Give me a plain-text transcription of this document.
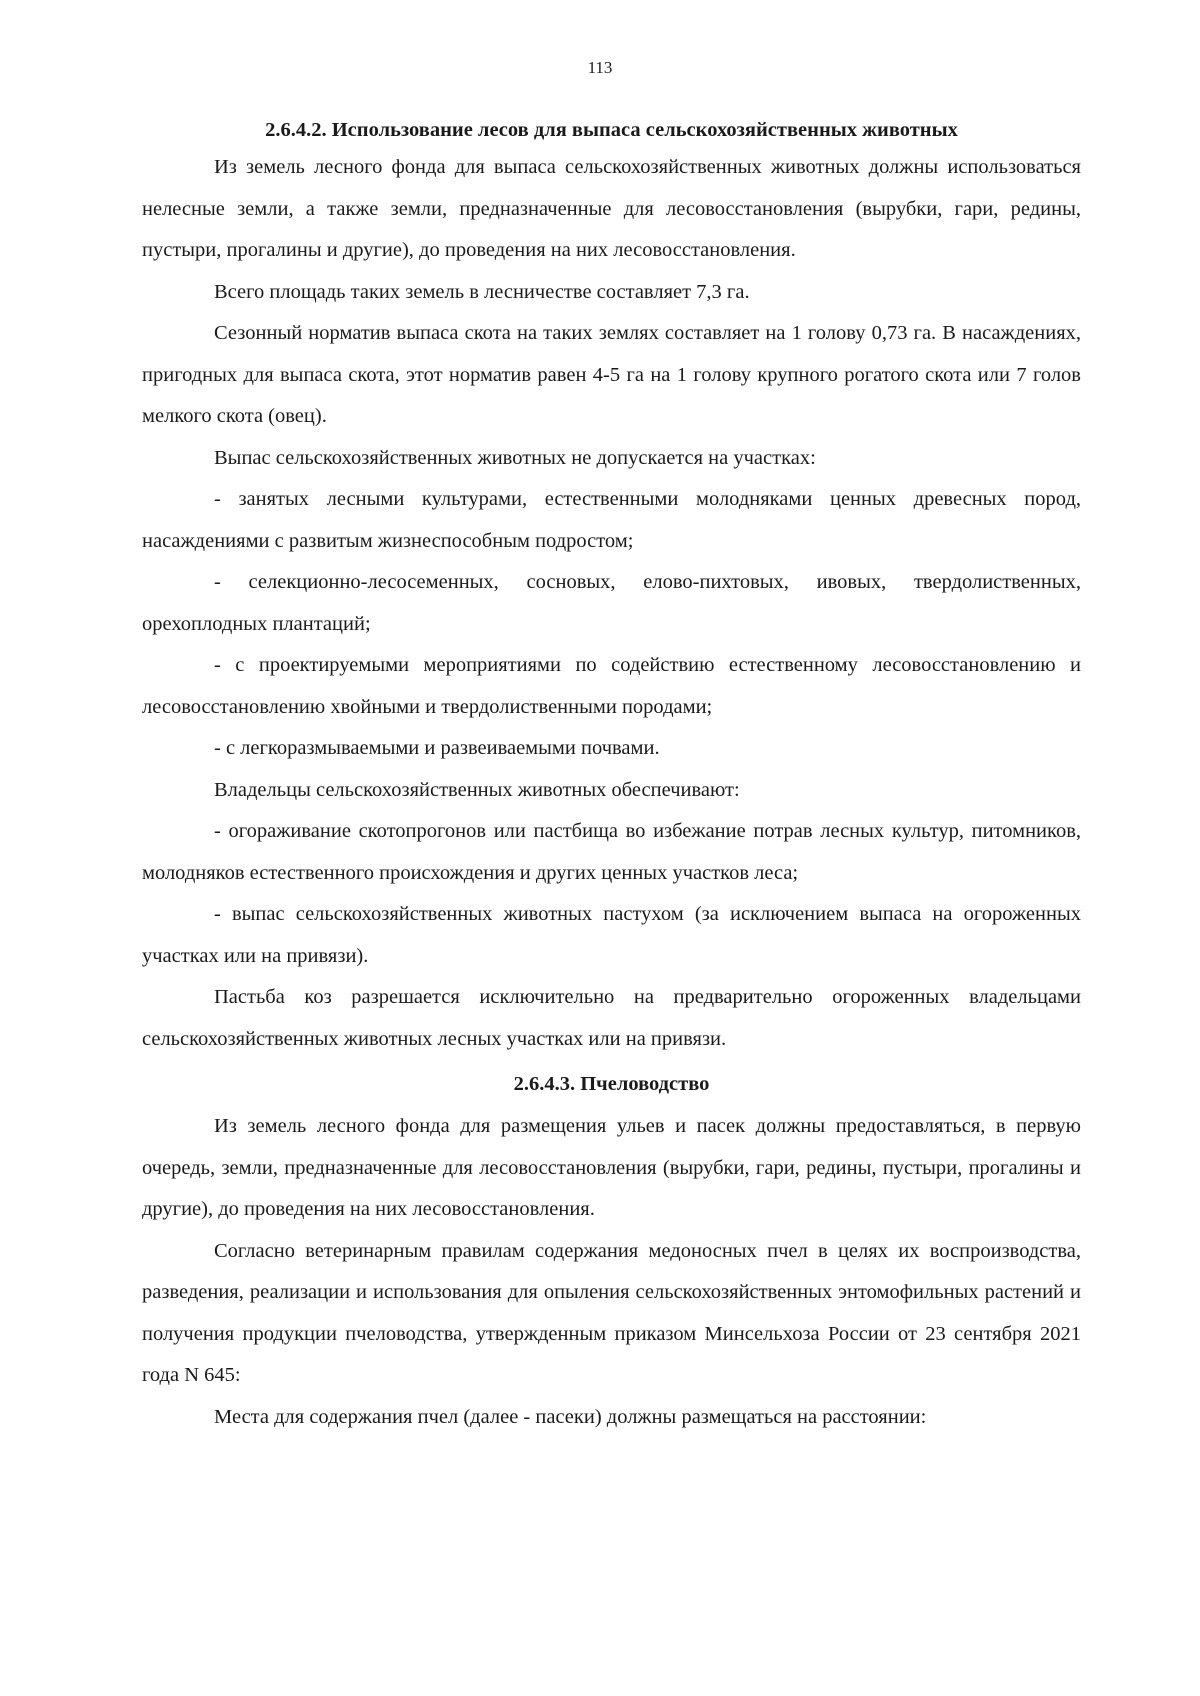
113
2.6.4.2. Использование лесов для выпаса сельскохозяйственных животных

Из земель лесного фонда для выпаса сельскохозяйственных животных должны использоваться нелесные земли, а также земли, предназначенные для лесовосстановления (вырубки, гари, редины, пустыри, прогалины и другие), до проведения на них лесовосстановления.

Всего площадь таких земель в лесничестве составляет 7,3 га.

Сезонный норматив выпаса скота на таких землях составляет на 1 голову 0,73 га. В насаждениях, пригодных для выпаса скота, этот норматив равен 4-5 га на 1 голову крупного рогатого скота или 7 голов мелкого скота (овец).

Выпас сельскохозяйственных животных не допускается на участках:

- занятых лесными культурами, естественными молодняками ценных древесных пород, насаждениями с развитым жизнеспособным подростом;

- селекционно-лесосеменных, сосновых, елово-пихтовых, ивовых, твердолиственных, орехоплодных плантаций;

- с проектируемыми мероприятиями по содействию естественному лесовосстановлению и лесовосстановлению хвойными и твердолиственными породами;

- с легкоразмываемыми и развеиваемыми почвами.

Владельцы сельскохозяйственных животных обеспечивают:

- огораживание скотопрогонов или пастбища во избежание потрав лесных культур, питомников, молодняков естественного происхождения и других ценных участков леса;

- выпас сельскохозяйственных животных пастухом (за исключением выпаса на огороженных участках или на привязи).

Пастьба коз разрешается исключительно на предварительно огороженных владельцами сельскохозяйственных животных лесных участках или на привязи.

2.6.4.3. Пчеловодство

Из земель лесного фонда для размещения ульев и пасек должны предоставляться, в первую очередь, земли, предназначенные для лесовосстановления (вырубки, гари, редины, пустыри, прогалины и другие), до проведения на них лесовосстановления.

Согласно ветеринарным правилам содержания медоносных пчел в целях их воспроизводства, разведения, реализации и использования для опыления сельскохозяйственных энтомофильных растений и получения продукции пчеловодства, утвержденным приказом Минсельхоза России от 23 сентября 2021 года N 645:

Места для содержания пчел (далее - пасеки) должны размещаться на расстоянии:
